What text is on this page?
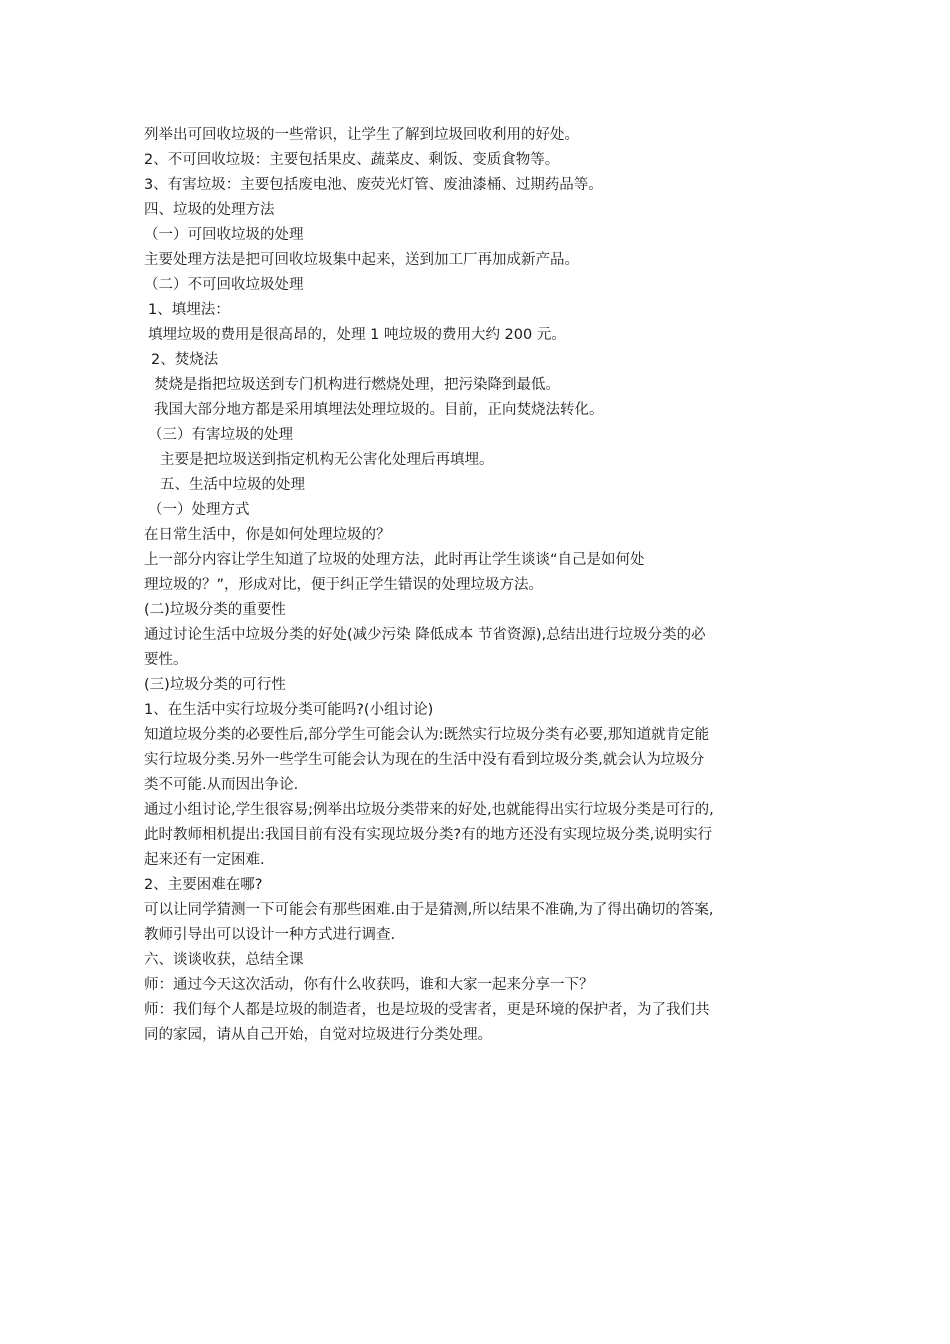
列举出可回收垃圾的一些常识，让学生了解到垃圾回收利用的好处。
2、不可回收垃圾：主要包括果皮、蔬菜皮、剩饭、变质食物等。
3、有害垃圾：主要包括废电池、废荧光灯管、废油漆桶、过期药品等。
四、垃圾的处理方法
（一）可回收垃圾的处理
主要处理方法是把可回收垃圾集中起来，送到加工厂再加成新产品。
（二）不可回收垃圾处理
1、填埋法：
填埋垃圾的费用是很高昂的，处理 1 吨垃圾的费用大约 200 元。
2、焚烧法
焚烧是指把垃圾送到专门机构进行燃烧处理，把污染降到最低。
我国大部分地方都是采用填埋法处理垃圾的。目前，正向焚烧法转化。
（三）有害垃圾的处理
主要是把垃圾送到指定机构无公害化处理后再填埋。
五、生活中垃圾的处理
（一）处理方式
在日常生活中，你是如何处理垃圾的？
上一部分内容让学生知道了垃圾的处理方法，此时再让学生谈谈“自己是如何处
理垃圾的？”，形成对比，便于纠正学生错误的处理垃圾方法。
(二)垃圾分类的重要性
通过讨论生活中垃圾分类的好处(减少污染 降低成本 节省资源),总结出进行垃圾分类的必
要性。
(三)垃圾分类的可行性
1、在生活中实行垃圾分类可能吗?(小组讨论)
知道垃圾分类的必要性后,部分学生可能会认为:既然实行垃圾分类有必要,那知道就肯定能
实行垃圾分类.另外一些学生可能会认为现在的生活中没有看到垃圾分类,就会认为垃圾分
类不可能.从而因出争论.
通过小组讨论,学生很容易;例举出垃圾分类带来的好处,也就能得出实行垃圾分类是可行的,
此时教师相机提出:我国目前有没有实现垃圾分类?有的地方还没有实现垃圾分类,说明实行
起来还有一定困难.
2、主要困难在哪?
可以让同学猜测一下可能会有那些困难.由于是猜测,所以结果不准确,为了得出确切的答案,
教师引导出可以设计一种方式进行调查.
六、谈谈收获，总结全课
师：通过今天这次活动，你有什么收获吗，谁和大家一起来分享一下？
师：我们每个人都是垃圾的制造者，也是垃圾的受害者，更是环境的保护者，为了我们共
同的家园，请从自己开始，自觉对垃圾进行分类处理。
